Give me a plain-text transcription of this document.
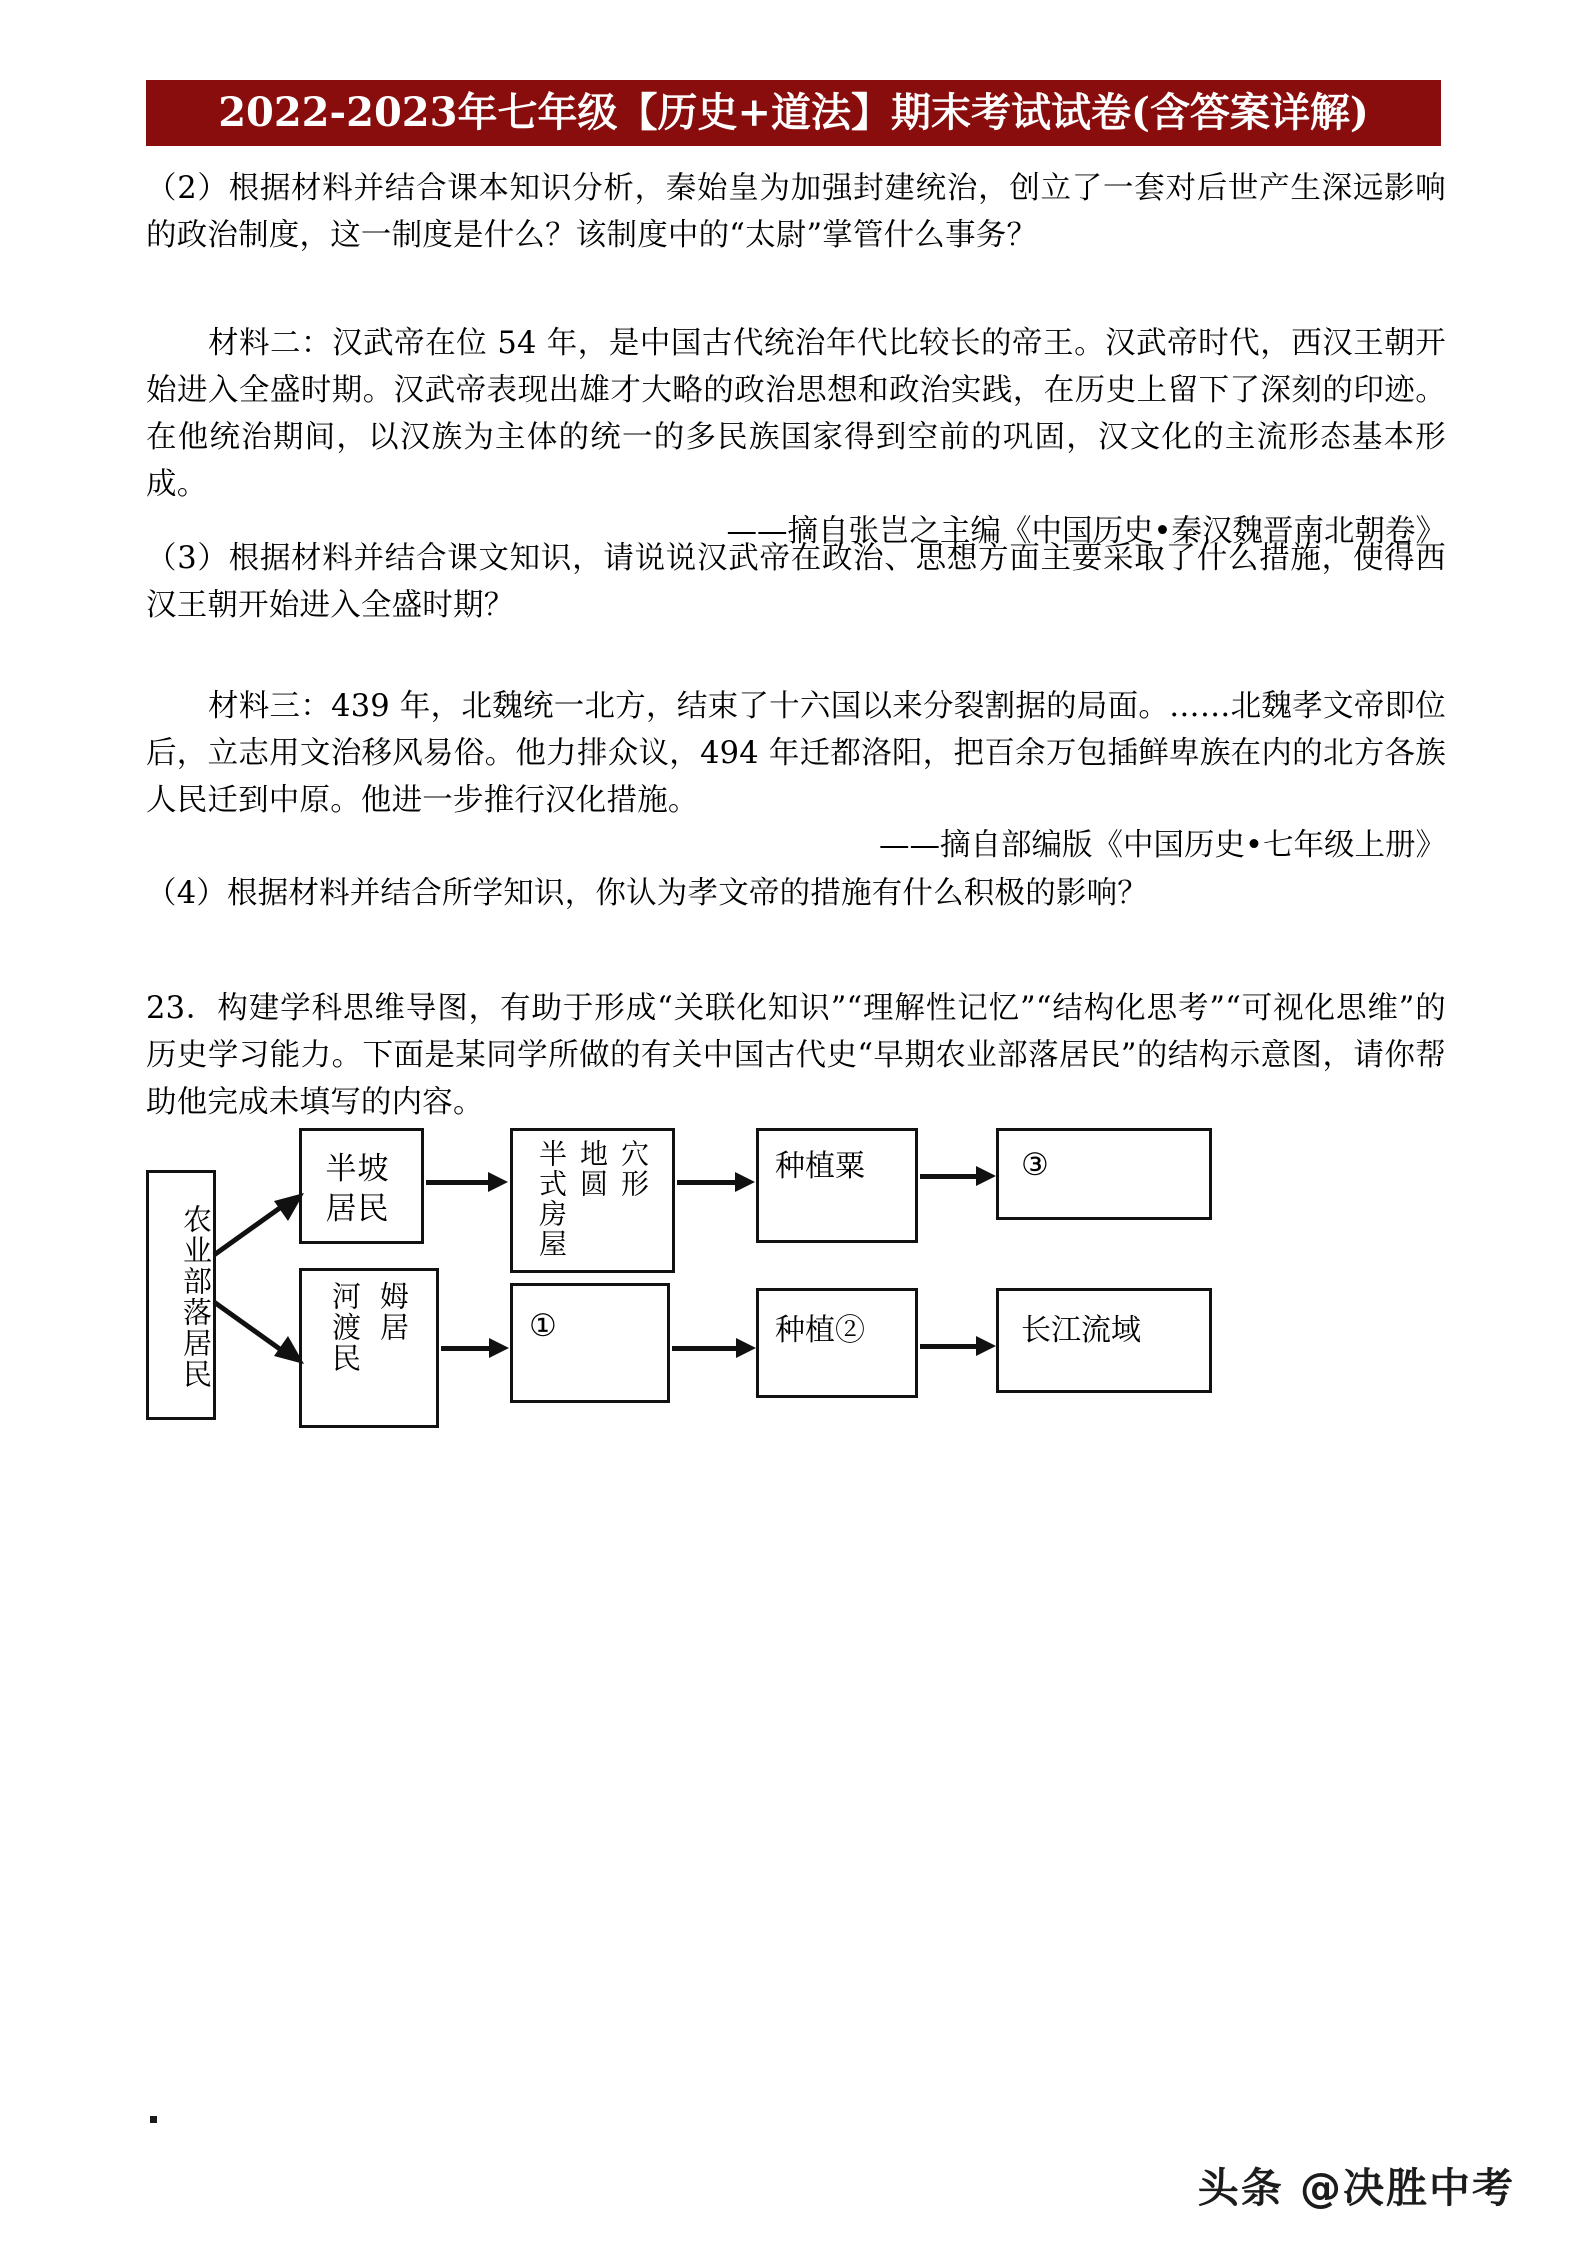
2022-2023年七年级【历史+道法】期末考试试卷(含答案详解)
（2）根据材料并结合课本知识分析，秦始皇为加强封建统治，创立了一套对后世产生深远影响的政治制度，这一制度是什么？该制度中的“太尉”掌管什么事务？
材料二：汉武帝在位 54 年，是中国古代统治年代比较长的帝王。汉武帝时代，西汉王朝开始进入全盛时期。汉武帝表现出雄才大略的政治思想和政治实践，在历史上留下了深刻的印迹。在他统治期间，以汉族为主体的统一的多民族国家得到空前的巩固，汉文化的主流形态基本形成。
——摘自张岂之主编《中国历史•秦汉魏晋南北朝卷》
（3）根据材料并结合课文知识，请说说汉武帝在政治、思想方面主要采取了什么措施，使得西汉王朝开始进入全盛时期？
材料三：439 年，北魏统一北方，结束了十六国以来分裂割据的局面。……北魏孝文帝即位后，立志用文治移风易俗。他力排众议，494 年迁都洛阳，把百余万包插鲜卑族在内的北方各族人民迁到中原。他进一步推行汉化措施。
——摘自部编版《中国历史•七年级上册》
（4）根据材料并结合所学知识，你认为孝文帝的措施有什么积极的影响？
23．构建学科思维导图，有助于形成“关联化知识”“理解性记忆”“结构化思考”“可视化思维”的历史学习能力。下面是某同学所做的有关中国古代史“早期农业部落居民”的结构示意图，请你帮助他完成未填写的内容。
农业部落居民
半坡居民
河渡民 姆居
半式房屋 地圆 穴形
①
种植粟
种植②
③
长江流域
头条 @决胜中考
